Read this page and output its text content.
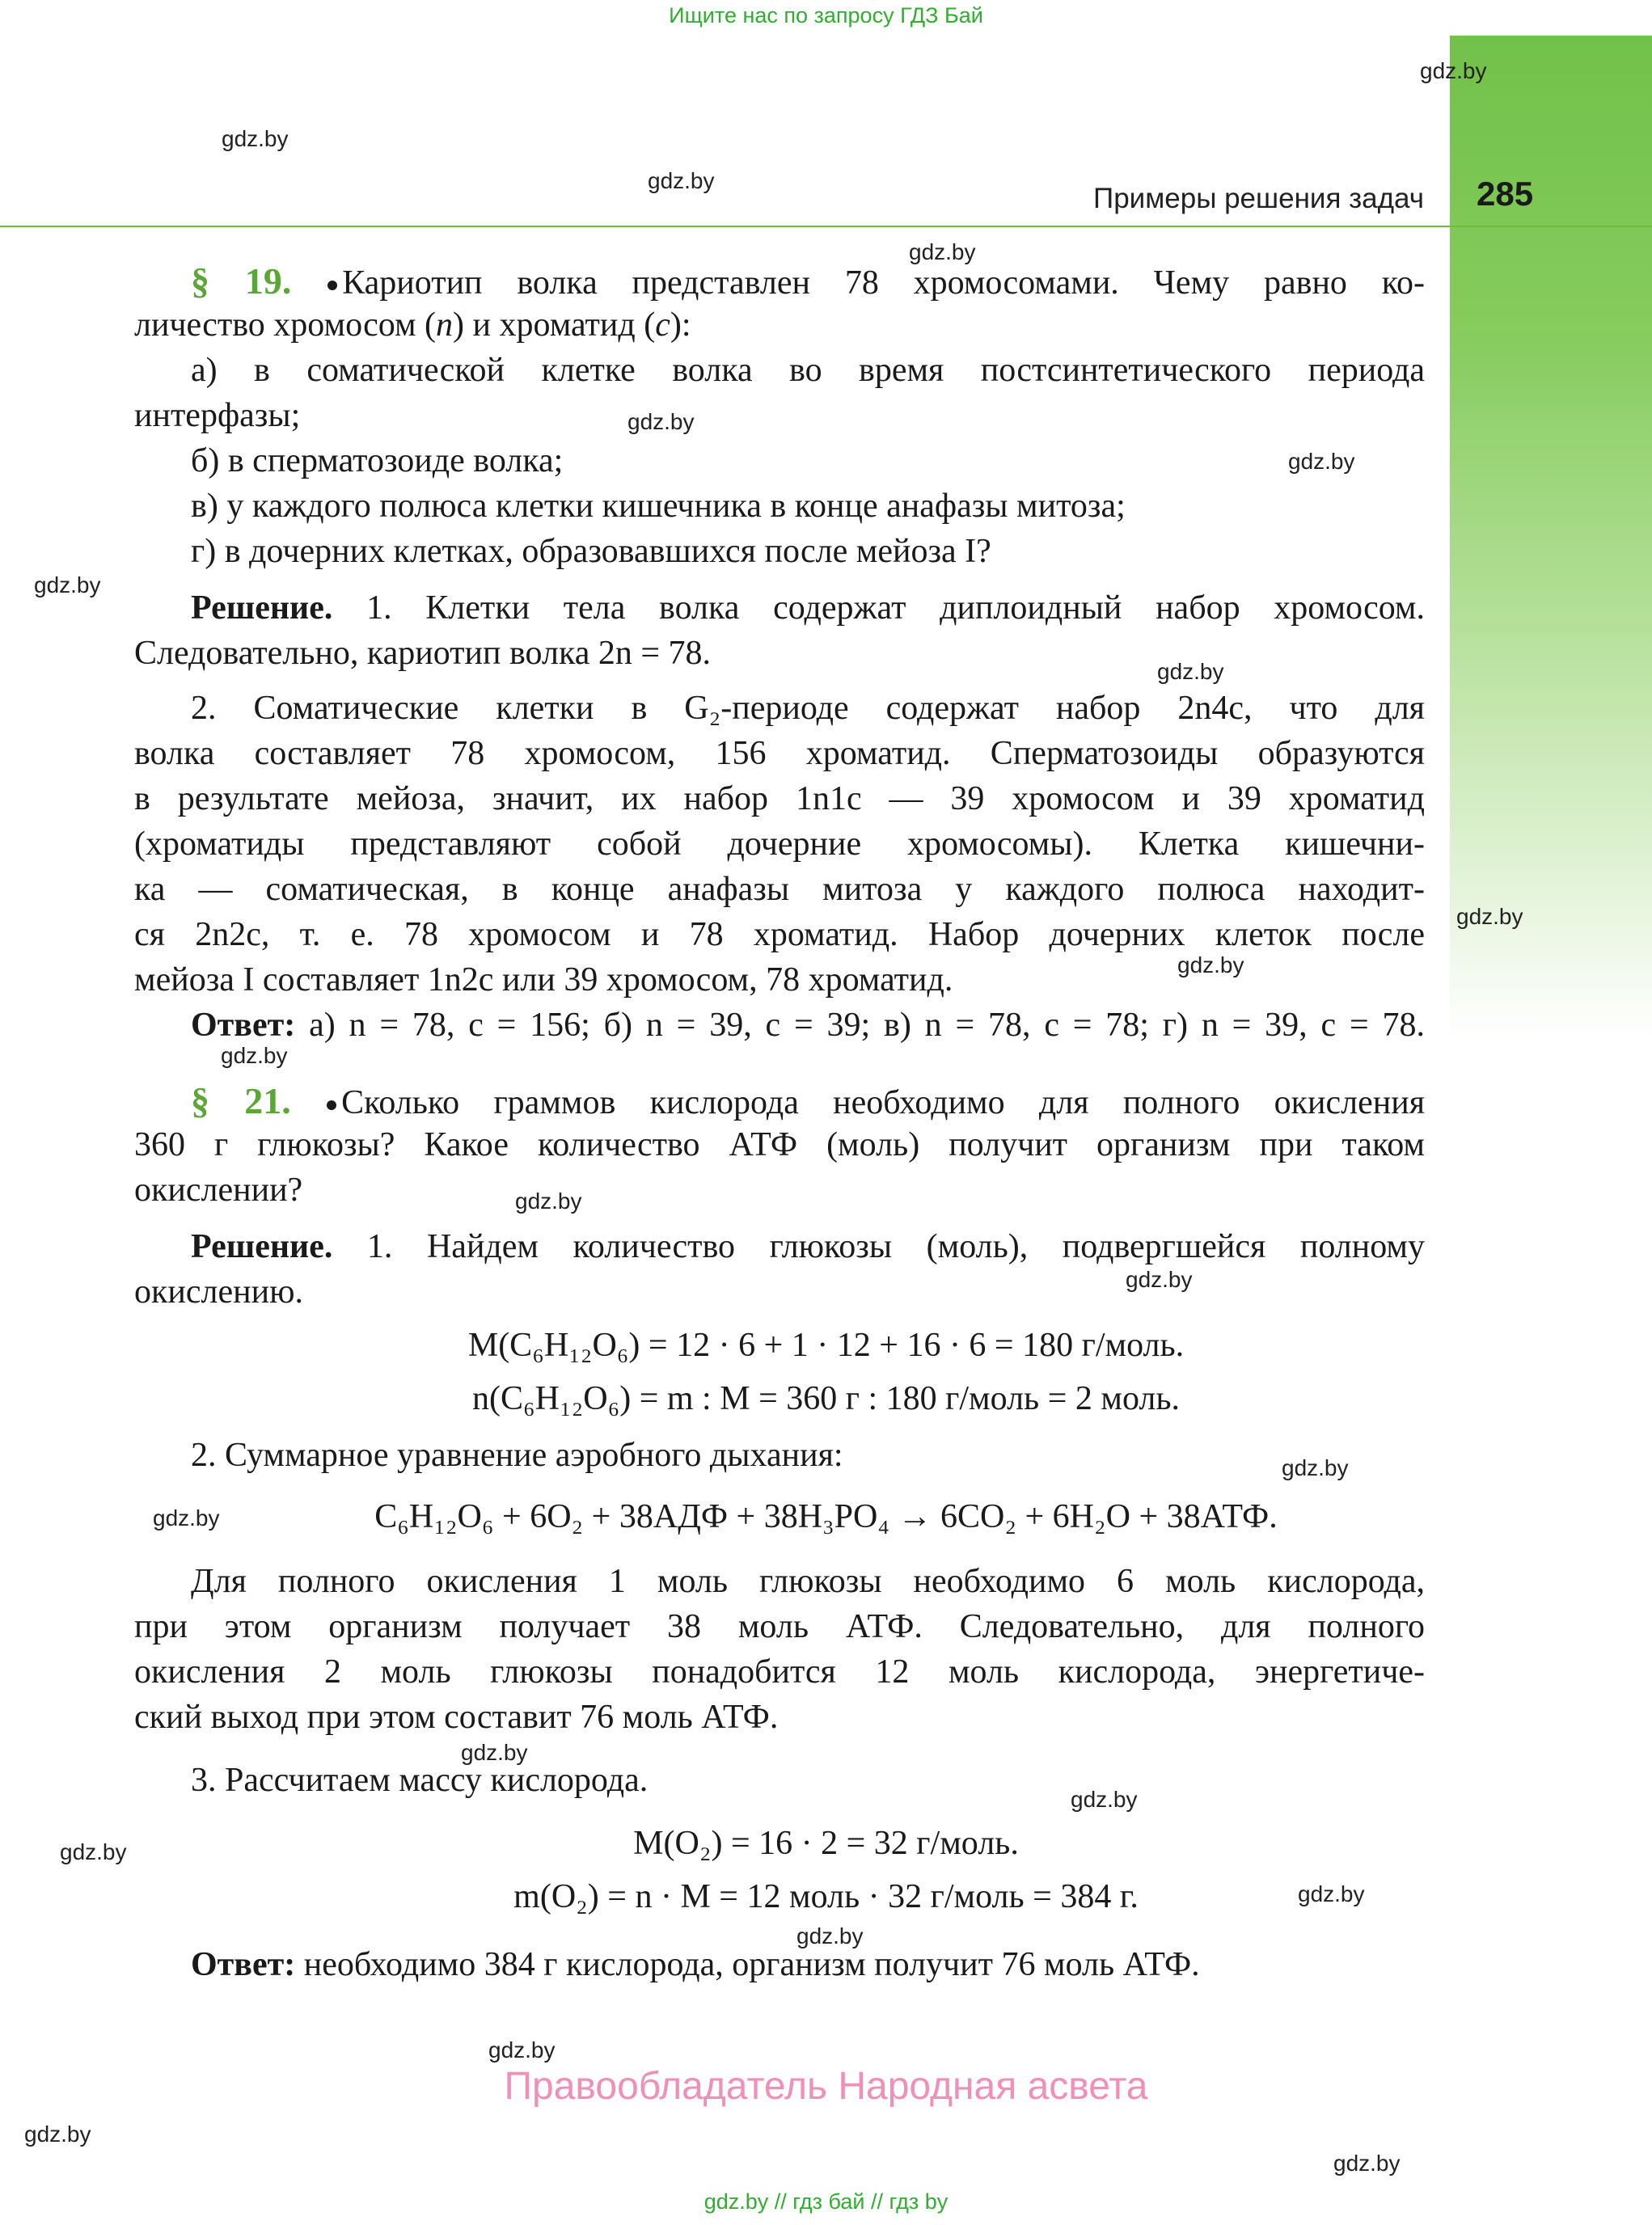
Ищите нас по запросу ГДЗ Бай
Примеры решения задач 285
gdz.by
gdz.by
gdz.by
gdz.by
gdz.by
gdz.by
gdz.by
gdz.by
gdz.by
gdz.by
gdz.by
gdz.by
gdz.by
gdz.by
gdz.by
gdz.by
gdz.by
gdz.by
gdz.by
gdz.by
gdz.by
gdz.by
gdz.by
§ 19. Кариотип волка представлен 78 хромосомами. Чему равно ко-
личество хромосом (n) и хроматид (c):
а) в соматической клетке волка во время постсинтетического периода
интерфазы;
б) в сперматозоиде волка;
в) у каждого полюса клетки кишечника в конце анафазы митоза;
г) в дочерних клетках, образовавшихся после мейоза I?
Решение. 1. Клетки тела волка содержат диплоидный набор хромосом.
Следовательно, кариотип волка 2n = 78.
2. Соматические клетки в G₂-периоде содержат набор 2n4c, что для
волка составляет 78 хромосом, 156 хроматид. Сперматозоиды образуются
в результате мейоза, значит, их набор 1n1c — 39 хромосом и 39 хроматид
(хроматиды представляют собой дочерние хромосомы). Клетка кишечни-
ка — соматическая, в конце анафазы митоза у каждого полюса находит-
ся 2n2c, т. е. 78 хромосом и 78 хроматид. Набор дочерних клеток после
мейоза I составляет 1n2c или 39 хромосом, 78 хроматид.
Ответ: а) n = 78, c = 156; б) n = 39, c = 39; в) n = 78, c = 78; г) n = 39, c = 78.
§ 21. Сколько граммов кислорода необходимо для полного окисления
360 г глюкозы? Какое количество АТФ (моль) получит организм при таком
окислении?
Решение. 1. Найдем количество глюкозы (моль), подвергшейся полному
окислению.
M(C₆H₁₂O₆) = 12 · 6 + 1 · 12 + 16 · 6 = 180 г/моль.
n(C₆H₁₂O₆) = m : M = 360 г : 180 г/моль = 2 моль.
2. Суммарное уравнение аэробного дыхания:
C₆H₁₂O₆ + 6O₂ + 38АДФ + 38H₃PO₄ → 6CO₂ + 6H₂O + 38АТФ.
Для полного окисления 1 моль глюкозы необходимо 6 моль кислорода,
при этом организм получает 38 моль АТФ. Следовательно, для полного
окисления 2 моль глюкозы понадобится 12 моль кислорода, энергетиче-
ский выход при этом составит 76 моль АТФ.
3. Рассчитаем массу кислорода.
M(O₂) = 16 · 2 = 32 г/моль.
m(O₂) = n · M = 12 моль · 32 г/моль = 384 г.
Ответ: необходимо 384 г кислорода, организм получит 76 моль АТФ.
Правообладатель Народная асвета
gdz.by // гдз бай // гдз by
